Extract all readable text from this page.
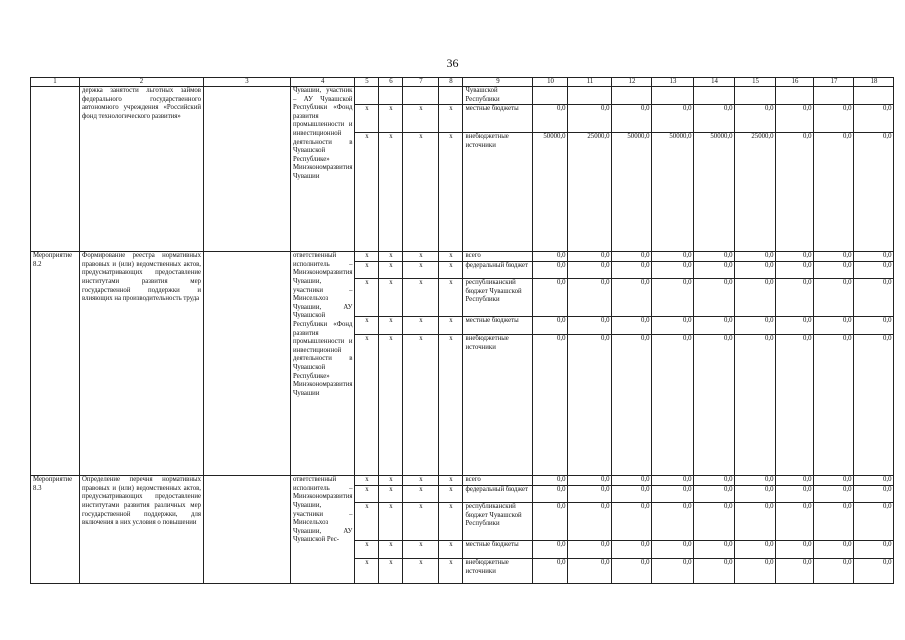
36
1	2	3	4	5	6	7	8	9	10	11	12	13	14	15	16	17	18
	держка занятости льготных займов федерального государственного автономного учреждения «Российский фонд технологического развития»		Чувашии, участник – АУ Чувашской Республики «Фонд развития промышленности и инвестиционной деятельности в Чувашской Республике» Минэкономразвития Чувашии					Чувашской Республики									
				x	x	x	x	местные бюджеты	0,0	0,0	0,0	0,0	0,0	0,0	0,0	0,0	0,0
				x	x	x	x	внебюджетные источники	50000,0	25000,0	50000,0	50000,0	50000,0	25000,0	0,0	0,0	0,0
Мероприятие 8.2	Формирование реестра нормативных правовых и (или) ведомственных актов, предусматривающих предоставление институтами развития мер государственной поддержки и влияющих на производительность труда		ответственный исполнитель – Минэкономразвития Чувашии, участники – Минсельхоз Чувашии, АУ Чувашской Республики «Фонд развития промышленности и инвестиционной деятельности в Чувашской Республике» Минэкономразвития Чувашии	x	x	x	x	всего	0,0	0,0	0,0	0,0	0,0	0,0	0,0	0,0	0,0
				x	x	x	x	федеральный бюджет	0,0	0,0	0,0	0,0	0,0	0,0	0,0	0,0	0,0
				x	x	x	x	республиканский бюджет Чувашской Республики	0,0	0,0	0,0	0,0	0,0	0,0	0,0	0,0	0,0
				x	x	x	x	местные бюджеты	0,0	0,0	0,0	0,0	0,0	0,0	0,0	0,0	0,0
				x	x	x	x	внебюджетные источники	0,0	0,0	0,0	0,0	0,0	0,0	0,0	0,0	0,0
Мероприятие 8.3	Определение перечня нормативных правовых и (или) ведомственных актов, предусматривающих предоставление институтами развития различных мер государственной поддержки, для включения в них условия о повышении		ответственный исполнитель – Минэкономразвития Чувашии, участники – Минсельхоз Чувашии, АУ Чувашской Рес-	x	x	x	x	всего	0,0	0,0	0,0	0,0	0,0	0,0	0,0	0,0	0,0
				x	x	x	x	федеральный бюджет	0,0	0,0	0,0	0,0	0,0	0,0	0,0	0,0	0,0
				x	x	x	x	республиканский бюджет Чувашской Республики	0,0	0,0	0,0	0,0	0,0	0,0	0,0	0,0	0,0
				x	x	x	x	местные бюджеты	0,0	0,0	0,0	0,0	0,0	0,0	0,0	0,0	0,0
				x	x	x	x	внебюджетные источники	0,0	0,0	0,0	0,0	0,0	0,0	0,0	0,0	0,0
